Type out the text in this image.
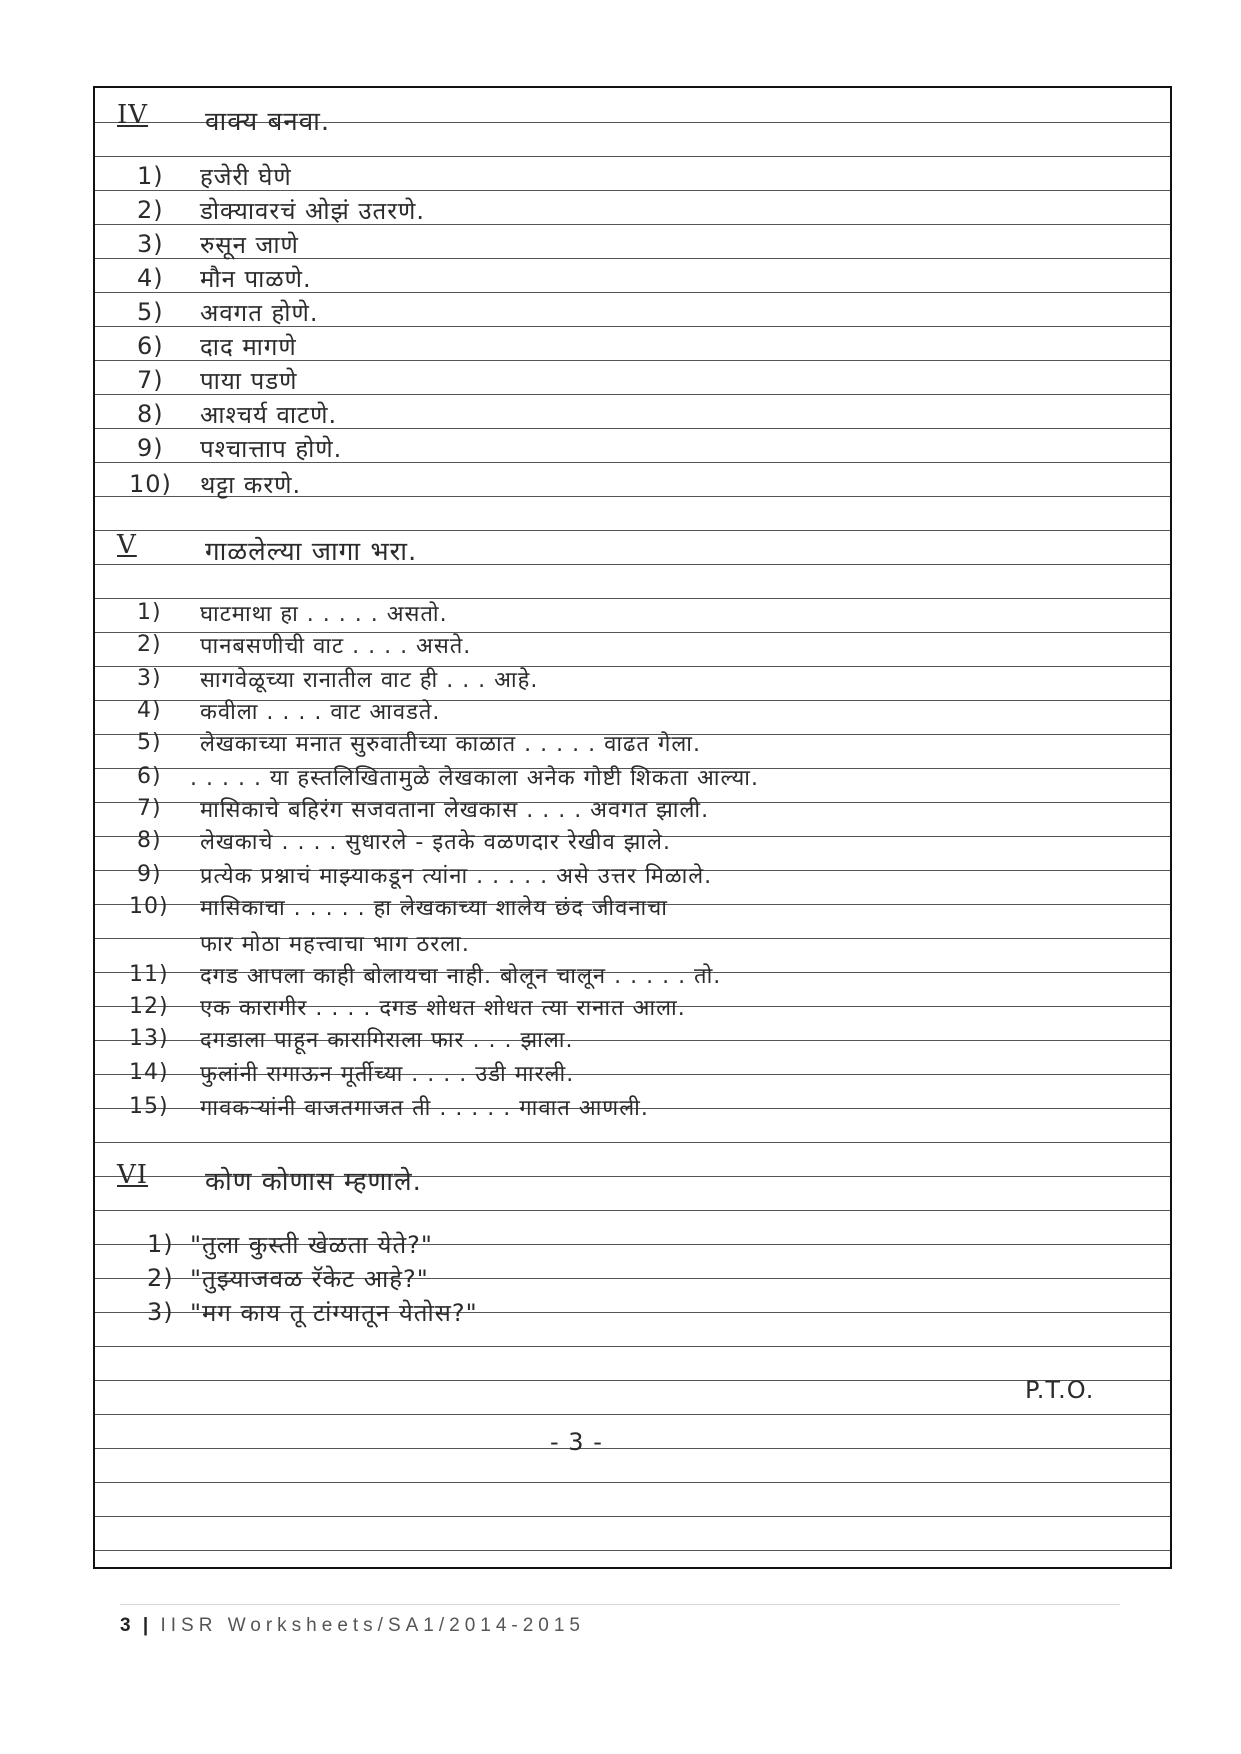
IV वाक्य बनवा.
1) हजेरी घेणे
2) डोक्यावरचं ओझं उतरणे.
3) रुसून जाणे
4) मौन पाळणे.
5) अवगत होणे.
6) दाद मागणे
7) पाया पडणे
8) आश्चर्य वाटणे.
9) पश्चात्ताप होणे.
10) थट्टा करणे.
V	गाळलेल्या जागा भरा.
1) घाटमाथा हा . . . . . असतो.
2) पानबसणीची वाट . . . . असते.
3) सागवेळूच्या रानातील वाट ही . . . आहे.
4) कवीला . . . . वाट आवडते.
5) लेखकाच्या मनात सुरुवातीच्या काळात . . . . . वाढत गेला.
6) . . . . . या हस्तलिखितामुळे लेखकाला अनेक गोष्टी शिकता आल्या.
7) मासिकाचे बहिरंग सजवताना लेखकास . . . . अवगत झाली.
8) लेखकाचे . . . . सुधारले - इतके वळणदार रेखीव झाले.
9) प्रत्येक प्रश्नाचं माझ्याकडून त्यांना . . . . . असे उत्तर मिळाले.
10) मासिकाचा . . . . . हा लेखकाच्या शालेय छंद जीवनाचा
फार मोठा महत्त्वाचा भाग ठरला.
11) दगड आपला काही बोलायचा नाही. बोलून चालून . . . . . तो.
12) एक कारागीर . . . . दगड शोधत शोधत त्या रानात आला.
13) दगडाला पाहून कारागिराला फार . . . झाला.
14) फुलांनी रागाऊन मूर्तीच्या . . . . उडी मारली.
15) गावकऱ्यांनी वाजतगाजत ती . . . . . गावात आणली.
VI कोण कोणास म्हणाले.
1) "तुला कुस्ती खेळता येते?"
2) "तुझ्याजवळ रॅकेट आहे?"
3) "मग काय तू टांग्यातून येतोस?"
P.T.O.
- 3 -
3 | IISR Worksheets/SA1/2014-2015
